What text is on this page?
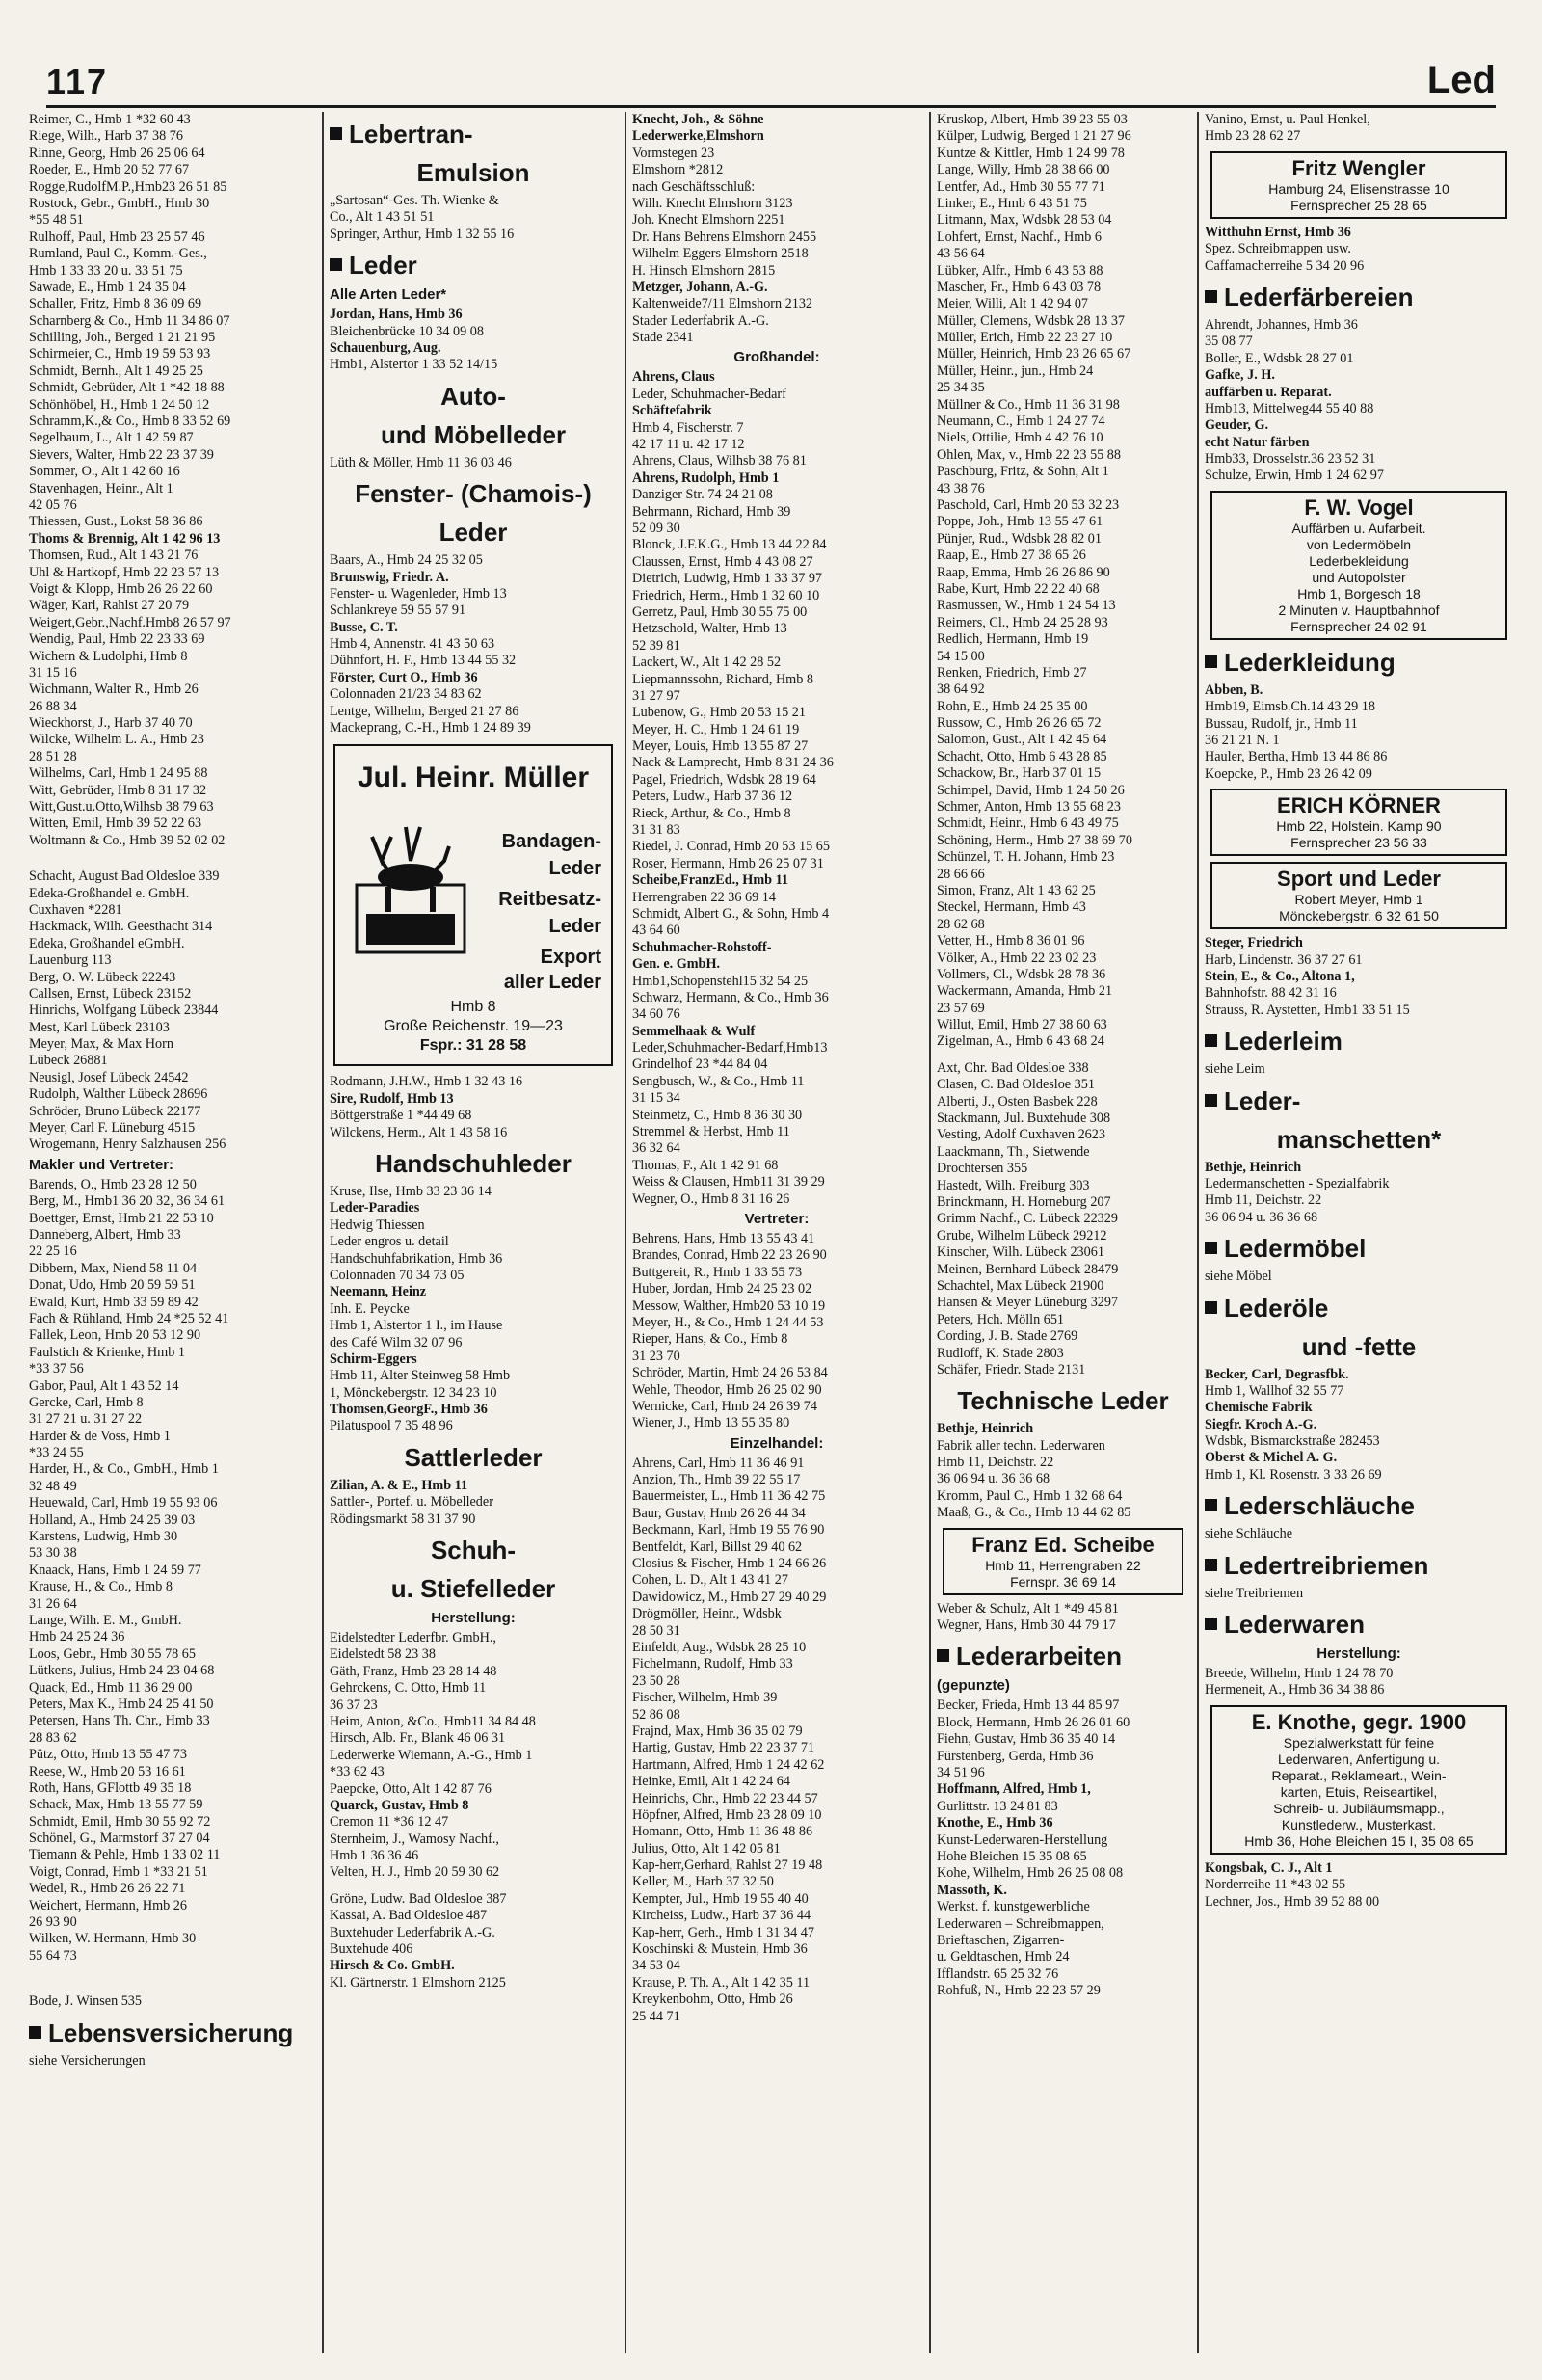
117	Led
Reimer, C., Hmb 1 *32 60 43
Riege, Wilh., Harb 37 38 76
Rinne, Georg, Hmb 26 25 06 64
Roeder, E., Hmb 20 52 77 67
Rogge,RudolfM.P.,Hmb23 26 51 85
Rostock, Gebr., GmbH., Hmb 30
*55 48 51
Rulhoff, Paul, Hmb 23 25 57 46
Rumland, Paul C., Komm.-Ges.,
Hmb 1 33 33 20 u. 33 51 75
Sawade, E., Hmb 1 24 35 04
Schaller, Fritz, Hmb 8 36 09 69
Scharnberg & Co., Hmb 11 34 86 07
Schilling, Joh., Berged 1 21 21 95
Schirmeier, C., Hmb 19 59 53 93
Schmidt, Bernh., Alt 1 49 25 25
Schmidt, Gebrüder, Alt 1 *42 18 88
Schönhöbel, H., Hmb 1 24 50 12
Schramm,K.,& Co., Hmb 8 33 52 69
Segelbaum, L., Alt 1 42 59 87
Sievers, Walter, Hmb 22 23 37 39
Sommer, O., Alt 1 42 60 16
Stavenhagen, Heinr., Alt 1
42 05 76
Thiessen, Gust., Lokst 58 36 86
Thoms & Brennig, Alt 1 42 96 13
Thomsen, Rud., Alt 1 43 21 76
Uhl & Hartkopf, Hmb 22 23 57 13
Voigt & Klopp, Hmb 26 26 22 60
Wäger, Karl, Rahlst 27 20 79
Weigert,Gebr.,Nachf.Hmb8 26 57 97
Wendig, Paul, Hmb 22 23 33 69
Wichern & Ludolphi, Hmb 8
31 15 16
Wichmann, Walter R., Hmb 26
26 88 34
Wieckhorst, J., Harb 37 40 70
Wilcke, Wilhelm L. A., Hmb 23
28 51 28
Wilhelms, Carl, Hmb 1 24 95 88
Witt, Gebrüder, Hmb 8 31 17 32
Witt,Gust.u.Otto,Wilhsb 38 79 63
Witten, Emil, Hmb 39 52 22 63
Woltmann & Co., Hmb 39 52 02 02
Schacht, August Bad Oldesloe 339
Edeka-Großhandel e. GmbH.
Cuxhaven *2281
Hackmack, Wilh. Geesthacht 314
Edeka, Großhandel eGmbH.
Lauenburg 113
Berg, O. W. Lübeck 22243
Callsen, Ernst, Lübeck 23152
Hinrichs, Wolfgang Lübeck 23844
Mest, Karl Lübeck 23103
Meyer, Max, & Max Horn
Lübeck 26881
Neusigl, Josef Lübeck 24542
Rudolph, Walther Lübeck 28696
Schröder, Bruno Lübeck 22177
Meyer, Carl F. Lüneburg 4515
Wrogemann, Henry Salzhausen 256
Makler und Vertreter:
Barends, O., Hmb 23 28 12 50
Berg, M., Hmb1 36 20 32, 36 34 61
Boettger, Ernst, Hmb 21 22 53 10
Danneberg, Albert, Hmb 33
22 25 16
Dibbern, Max, Niend 58 11 04
Donat, Udo, Hmb 20 59 59 51
Ewald, Kurt, Hmb 33 59 89 42
Fach & Rühland, Hmb 24 *25 52 41
Fallek, Leon, Hmb 20 53 12 90
Faulstich & Krienke, Hmb 1
*33 37 56
Gabor, Paul, Alt 1 43 52 14
Gercke, Carl, Hmb 8
31 27 21 u. 31 27 22
Harder & de Voss, Hmb 1
*33 24 55
Harder, H., & Co., GmbH., Hmb 1
32 48 49
Heuewald, Carl, Hmb 19 55 93 06
Holland, A., Hmb 24 25 39 03
Karstens, Ludwig, Hmb 30
53 30 38
Knaack, Hans, Hmb 1 24 59 77
Krause, H., & Co., Hmb 8
31 26 64
Lange, Wilh. E. M., GmbH.
Hmb 24 25 24 36
Loos, Gebr., Hmb 30 55 78 65
Lütkens, Julius, Hmb 24 23 04 68
Quack, Ed., Hmb 11 36 29 00
Peters, Max K., Hmb 24 25 41 50
Petersen, Hans Th. Chr., Hmb 33
28 83 62
Pütz, Otto, Hmb 13 55 47 73
Reese, W., Hmb 20 53 16 61
Roth, Hans, GFlottb 49 35 18
Schack, Max, Hmb 13 55 77 59
Schmidt, Emil, Hmb 30 55 92 72
Schönel, G., Marmstorf 37 27 04
Tiemann & Pehle, Hmb 1 33 02 11
Voigt, Conrad, Hmb 1 *33 21 51
Wedel, R., Hmb 26 26 22 71
Weichert, Hermann, Hmb 26
26 93 90
Wilken, W. Hermann, Hmb 30
55 64 73
Bode, J. Winsen 535
Lebensversicherung
siehe Versicherungen
Lebertran-
Emulsion
„Sartosan“-Ges. Th. Wienke &
Co., Alt 1 43 51 51
Springer, Arthur, Hmb 1 32 55 16
Leder
Alle Arten Leder*
Jordan, Hans, Hmb 36
Bleichenbrücke 10 34 09 08
Schauenburg, Aug.
Hmb1, Alstertor 1 33 52 14/15
Auto-
und Möbelleder
Lüth & Möller, Hmb 11 36 03 46
Fenster- (Chamois-)
Leder
Baars, A., Hmb 24 25 32 05
Brunswig, Friedr. A.
Fenster- u. Wagenleder, Hmb 13
Schlankreye 59 55 57 91
Busse, C. T.
Hmb 4, Annenstr. 41 43 50 63
Dühnfort, H. F., Hmb 13 44 55 32
Förster, Curt O., Hmb 36
Colonnaden 21/23 34 83 62
Lentge, Wilhelm, Berged 21 27 86
Mackeprang, C.-H., Hmb 1 24 89 39
Jul. Heinr. Müller
Bandagen-
Leder
Reitbesatz-
Leder
Export
aller Leder
Hmb 8
Große Reichenstr. 19—23
Fspr.: 31 28 58
Rodmann, J.H.W., Hmb 1 32 43 16
Sire, Rudolf, Hmb 13
Böttgerstraße 1 *44 49 68
Wilckens, Herm., Alt 1 43 58 16
Handschuhleder
Kruse, Ilse, Hmb 33 23 36 14
Leder-Paradies
Hedwig Thiessen
Leder engros u. detail
Handschuhfabrikation, Hmb 36
Colonnaden 70 34 73 05
Neemann, Heinz
Inh. E. Peycke
Hmb 1, Alstertor 1 I., im Hause
des Café Wilm 32 07 96
Schirm-Eggers
Hmb 11, Alter Steinweg 58 Hmb
1, Mönckebergstr. 12 34 23 10
Thomsen,GeorgF., Hmb 36
Pilatuspool 7 35 48 96
Sattlerleder
Zilian, A. & E., Hmb 11
Sattler-, Portef. u. Möbelleder
Rödingsmarkt 58 31 37 90
Schuh-
u. Stiefelleder
Herstellung:
Eidelstedter Lederfbr. GmbH.,
Eidelstedt 58 23 38
Gäth, Franz, Hmb 23 28 14 48
Gehrckens, C. Otto, Hmb 11
36 37 23
Heim, Anton, &Co., Hmb11 34 84 48
Hirsch, Alb. Fr., Blank 46 06 31
Lederwerke Wiemann, A.-G., Hmb 1
*33 62 43
Paepcke, Otto, Alt 1 42 87 76
Quarck, Gustav, Hmb 8
Cremon 11 *36 12 47
Sternheim, J., Wamosy Nachf.,
Hmb 1 36 36 46
Velten, H. J., Hmb 20 59 30 62
Gröne, Ludw. Bad Oldesloe 387
Kassai, A. Bad Oldesloe 487
Buxtehuder Lederfabrik A.-G.
Buxtehude 406
Hirsch & Co. GmbH.
Kl. Gärtnerstr. 1 Elmshorn 2125
Knecht, Joh., & Söhne
Lederwerke,Elmshorn
Vormstegen 23
Elmshorn *2812
nach Geschäftsschluß:
Wilh. Knecht Elmshorn 3123
Joh. Knecht Elmshorn 2251
Dr. Hans Behrens Elmshorn 2455
Wilhelm Eggers Elmshorn 2518
H. Hinsch Elmshorn 2815
Metzger, Johann, A.-G.
Kaltenweide7/11 Elmshorn 2132
Stader Lederfabrik A.-G.
Stade 2341
Großhandel:
Ahrens, Claus
Leder, Schuhmacher-Bedarf
Schäftefabrik
Hmb 4, Fischerstr. 7
42 17 11 u. 42 17 12
Ahrens, Claus, Wilhsb 38 76 81
Ahrens, Rudolph, Hmb 1
Danziger Str. 74 24 21 08
Behrmann, Richard, Hmb 39
52 09 30
Blonck, J.F.K.G., Hmb 13 44 22 84
Claussen, Ernst, Hmb 4 43 08 27
Dietrich, Ludwig, Hmb 1 33 37 97
Friedrich, Herm., Hmb 1 32 60 10
Gerretz, Paul, Hmb 30 55 75 00
Hetzschold, Walter, Hmb 13
52 39 81
Lackert, W., Alt 1 42 28 52
Liepmannssohn, Richard, Hmb 8
31 27 97
Lubenow, G., Hmb 20 53 15 21
Meyer, H. C., Hmb 1 24 61 19
Meyer, Louis, Hmb 13 55 87 27
Nack & Lamprecht, Hmb 8 31 24 36
Pagel, Friedrich, Wdsbk 28 19 64
Peters, Ludw., Harb 37 36 12
Rieck, Arthur, & Co., Hmb 8
31 31 83
Riedel, J. Conrad, Hmb 20 53 15 65
Roser, Hermann, Hmb 26 25 07 31
Scheibe,FranzEd., Hmb 11
Herrengraben 22 36 69 14
Schmidt, Albert G., & Sohn, Hmb 4
43 64 60
Schuhmacher-Rohstoff-
Gen. e. GmbH.
Hmb1,Schopenstehl15 32 54 25
Schwarz, Hermann, & Co., Hmb 36
34 60 76
Semmelhaak & Wulf
Leder,Schuhmacher-Bedarf,Hmb13
Grindelhof 23 *44 84 04
Sengbusch, W., & Co., Hmb 11
31 15 34
Steinmetz, C., Hmb 8 36 30 30
Stremmel & Herbst, Hmb 11
36 32 64
Thomas, F., Alt 1 42 91 68
Weiss & Clausen, Hmb11 31 39 29
Wegner, O., Hmb 8 31 16 26
Vertreter:
Behrens, Hans, Hmb 13 55 43 41
Brandes, Conrad, Hmb 22 23 26 90
Buttgereit, R., Hmb 1 33 55 73
Huber, Jordan, Hmb 24 25 23 02
Messow, Walther, Hmb20 53 10 19
Meyer, H., & Co., Hmb 1 24 44 53
Rieper, Hans, & Co., Hmb 8
31 23 70
Schröder, Martin, Hmb 24 26 53 84
Wehle, Theodor, Hmb 26 25 02 90
Wernicke, Carl, Hmb 24 26 39 74
Wiener, J., Hmb 13 55 35 80
Einzelhandel:
Ahrens, Carl, Hmb 11 36 46 91
Anzion, Th., Hmb 39 22 55 17
Bauermeister, L., Hmb 11 36 42 75
Baur, Gustav, Hmb 26 26 44 34
Beckmann, Karl, Hmb 19 55 76 90
Bentfeldt, Karl, Billst 29 40 62
Closius & Fischer, Hmb 1 24 66 26
Cohen, L. D., Alt 1 43 41 27
Dawidowicz, M., Hmb 27 29 40 29
Drögmöller, Heinr., Wdsbk
28 50 31
Einfeldt, Aug., Wdsbk 28 25 10
Fichelmann, Rudolf, Hmb 33
23 50 28
Fischer, Wilhelm, Hmb 39
52 86 08
Frajnd, Max, Hmb 36 35 02 79
Hartig, Gustav, Hmb 22 23 37 71
Hartmann, Alfred, Hmb 1 24 42 62
Heinke, Emil, Alt 1 42 24 64
Heinrichs, Chr., Hmb 22 23 44 57
Höpfner, Alfred, Hmb 23 28 09 10
Homann, Otto, Hmb 11 36 48 86
Julius, Otto, Alt 1 42 05 81
Kap-herr,Gerhard, Rahlst 27 19 48
Keller, M., Harb 37 32 50
Kempter, Jul., Hmb 19 55 40 40
Kircheiss, Ludw., Harb 37 36 44
Kap-herr, Gerh., Hmb 1 31 34 47
Koschinski & Mustein, Hmb 36
34 53 04
Krause, P. Th. A., Alt 1 42 35 11
Kreykenbohm, Otto, Hmb 26
25 44 71
Kruskop, Albert, Hmb 39 23 55 03
Külper, Ludwig, Berged 1 21 27 96
Kuntze & Kittler, Hmb 1 24 99 78
Lange, Willy, Hmb 28 38 66 00
Lentfer, Ad., Hmb 30 55 77 71
Linker, E., Hmb 6 43 51 75
Litmann, Max, Wdsbk 28 53 04
Lohfert, Ernst, Nachf., Hmb 6
43 56 64
Lübker, Alfr., Hmb 6 43 53 88
Mascher, Fr., Hmb 6 43 03 78
Meier, Willi, Alt 1 42 94 07
Müller, Clemens, Wdsbk 28 13 37
Müller, Erich, Hmb 22 23 27 10
Müller, Heinrich, Hmb 23 26 65 67
Müller, Heinr., jun., Hmb 24
25 34 35
Müllner & Co., Hmb 11 36 31 98
Neumann, C., Hmb 1 24 27 74
Niels, Ottilie, Hmb 4 42 76 10
Ohlen, Max, v., Hmb 22 23 55 88
Paschburg, Fritz, & Sohn, Alt 1
43 38 76
Paschold, Carl, Hmb 20 53 32 23
Poppe, Joh., Hmb 13 55 47 61
Pünjer, Rud., Wdsbk 28 82 01
Raap, E., Hmb 27 38 65 26
Raap, Emma, Hmb 26 26 86 90
Rabe, Kurt, Hmb 22 22 40 68
Rasmussen, W., Hmb 1 24 54 13
Reimers, Cl., Hmb 24 25 28 93
Redlich, Hermann, Hmb 19
54 15 00
Renken, Friedrich, Hmb 27
38 64 92
Rohn, E., Hmb 24 25 35 00
Russow, C., Hmb 26 26 65 72
Salomon, Gust., Alt 1 42 45 64
Schacht, Otto, Hmb 6 43 28 85
Schackow, Br., Harb 37 01 15
Schimpel, David, Hmb 1 24 50 26
Schmer, Anton, Hmb 13 55 68 23
Schmidt, Heinr., Hmb 6 43 49 75
Schöning, Herm., Hmb 27 38 69 70
Schünzel, T. H. Johann, Hmb 23
28 66 66
Simon, Franz, Alt 1 43 62 25
Steckel, Hermann, Hmb 43
28 62 68
Vetter, H., Hmb 8 36 01 96
Völker, A., Hmb 22 23 02 23
Vollmers, Cl., Wdsbk 28 78 36
Wackermann, Amanda, Hmb 21
23 57 69
Willut, Emil, Hmb 27 38 60 63
Zigelman, A., Hmb 6 43 68 24
Axt, Chr. Bad Oldesloe 338
Clasen, C. Bad Oldesloe 351
Alberti, J., Osten Basbek 228
Stackmann, Jul. Buxtehude 308
Vesting, Adolf Cuxhaven 2623
Laackmann, Th., Sietwende
Drochtersen 355
Hastedt, Wilh. Freiburg 303
Brinckmann, H. Horneburg 207
Grimm Nachf., C. Lübeck 22329
Grube, Wilhelm Lübeck 29212
Kinscher, Wilh. Lübeck 23061
Meinen, Bernhard Lübeck 28479
Schachtel, Max Lübeck 21900
Hansen & Meyer Lüneburg 3297
Peters, Hch. Mölln 651
Cording, J. B. Stade 2769
Rudloff, K. Stade 2803
Schäfer, Friedr. Stade 2131
Technische Leder
Bethje, Heinrich
Fabrik aller techn. Lederwaren
Hmb 11, Deichstr. 22
36 06 94 u. 36 36 68
Kromm, Paul C., Hmb 1 32 68 64
Maaß, G., & Co., Hmb 13 44 62 85
Franz Ed. Scheibe
Hmb 11, Herrengraben 22
Fernspr. 36 69 14
Weber & Schulz, Alt 1 *49 45 81
Wegner, Hans, Hmb 30 44 79 17
Lederarbeiten
(gepunzte)
Becker, Frieda, Hmb 13 44 85 97
Block, Hermann, Hmb 26 26 01 60
Fiehn, Gustav, Hmb 36 35 40 14
Fürstenberg, Gerda, Hmb 36
34 51 96
Hoffmann, Alfred, Hmb 1,
Gurlittstr. 13 24 81 83
Knothe, E., Hmb 36
Kunst-Lederwaren-Herstellung
Hohe Bleichen 15 35 08 65
Kohe, Wilhelm, Hmb 26 25 08 08
Massoth, K.
Werkst. f. kunstgewerbliche
Lederwaren – Schreibmappen,
Brieftaschen, Zigarren-
u. Geldtaschen, Hmb 24
Ifflandstr. 65 25 32 76
Rohfuß, N., Hmb 22 23 57 29
Vanino, Ernst, u. Paul Henkel,
Hmb 23 28 62 27
Fritz Wengler
Hamburg 24, Elisenstrasse 10
Fernsprecher 25 28 65
Witthuhn Ernst, Hmb 36
Spez. Schreibmappen usw.
Caffamacherreihe 5 34 20 96
Lederfärbereien
Ahrendt, Johannes, Hmb 36
35 08 77
Boller, E., Wdsbk 28 27 01
Gafke, J. H.
auffärben u. Reparat.
Hmb13, Mittelweg44 55 40 88
Geuder, G.
echt Natur färben
Hmb33, Drosselstr.36 23 52 31
Schulze, Erwin, Hmb 1 24 62 97
F. W. Vogel
Auffärben u. Aufarbeit.
von Ledermöbeln
Lederbekleidung
und Autopolster
Hmb 1, Borgesch 18
2 Minuten v. Hauptbahnhof
Fernsprecher 24 02 91
Lederkleidung
Abben, B.
Hmb19, Eimsb.Ch.14 43 29 18
Bussau, Rudolf, jr., Hmb 11
36 21 21 N. 1
Hauler, Bertha, Hmb 13 44 86 86
Koepcke, P., Hmb 23 26 42 09
ERICH KÖRNER
Hmb 22, Holstein. Kamp 90
Fernsprecher 23 56 33
Sport und Leder
Robert Meyer, Hmb 1
Mönckebergstr. 6 32 61 50
Steger, Friedrich
Harb, Lindenstr. 36 37 27 61
Stein, E., & Co., Altona 1,
Bahnhofstr. 88 42 31 16
Strauss, R. Aystetten, Hmb1 33 51 15
Lederleim
siehe Leim
Leder-
manschetten*
Bethje, Heinrich
Ledermanschetten - Spezialfabrik
Hmb 11, Deichstr. 22
36 06 94 u. 36 36 68
Ledermöbel
siehe Möbel
Lederöle
und -fette
Becker, Carl, Degrasfbk.
Hmb 1, Wallhof 32 55 77
Chemische Fabrik
Siegfr. Kroch A.-G.
Wdsbk, Bismarckstraße 282453
Oberst & Michel A. G.
Hmb 1, Kl. Rosenstr. 3 33 26 69
Lederschläuche
siehe Schläuche
Ledertreibriemen
siehe Treibriemen
Lederwaren
Herstellung:
Breede, Wilhelm, Hmb 1 24 78 70
Hermeneit, A., Hmb 36 34 38 86
E. Knothe, gegr. 1900
Spezialwerkstatt für feine
Lederwaren, Anfertigung u.
Reparat., Reklameart., Wein-
karten, Etuis, Reiseartikel,
Schreib- u. Jubiläumsmapp.,
Kunstlederw., Musterkast.
Hmb 36, Hohe Bleichen 15 I, 35 08 65
Kongsbak, C. J., Alt 1
Norderreihe 11 *43 02 55
Lechner, Jos., Hmb 39 52 88 00
